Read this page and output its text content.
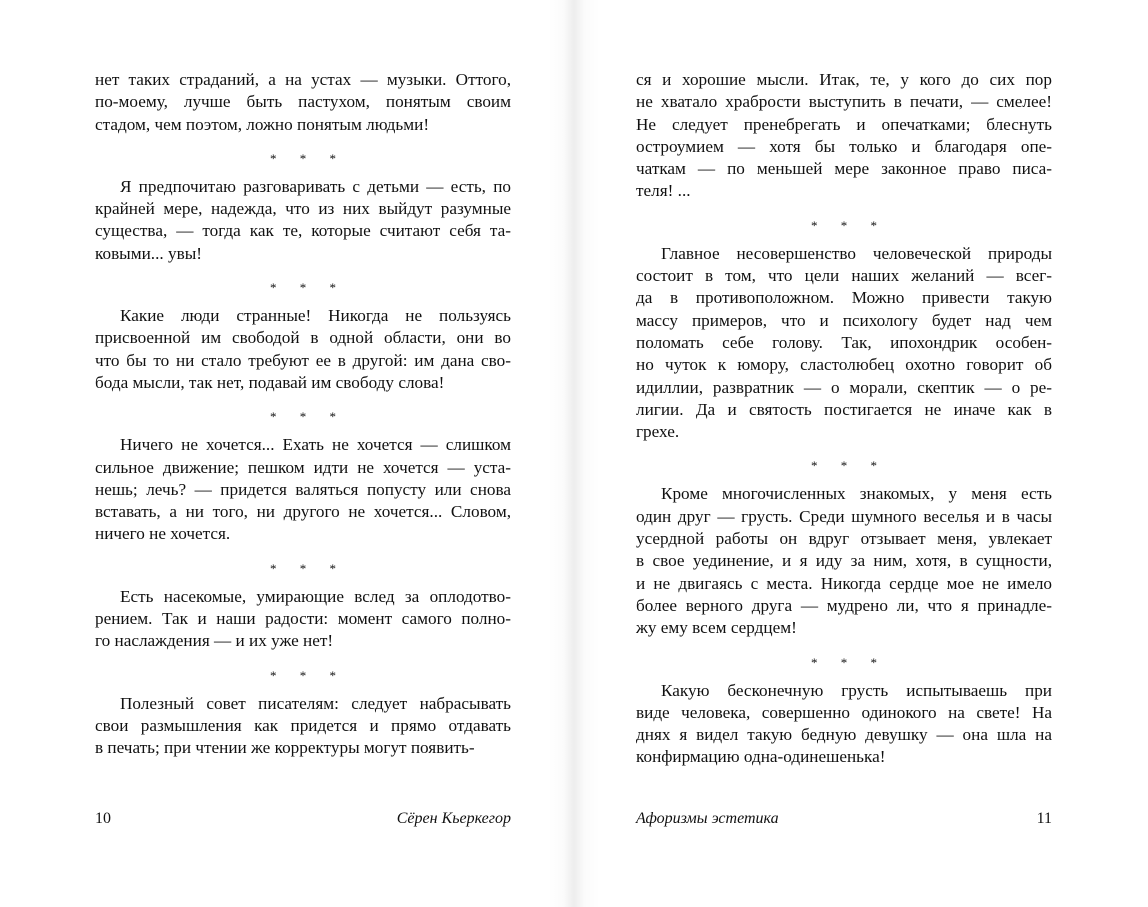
нет таких страданий, а на устах — музыки. Оттого,
по-моему, лучше быть пастухом, понятым своим
стадом, чем поэтом, ложно понятым людьми!
* * *
Я предпочитаю разговаривать с детьми — есть, по
крайней мере, надежда, что из них выйдут разумные
существа, — тогда как те, которые считают себя та-
ковыми... увы!
* * *
Какие люди странные! Никогда не пользуясь
присвоенной им свободой в одной области, они во
что бы то ни стало требуют ее в другой: им дана сво-
бода мысли, так нет, подавай им свободу слова!
* * *
Ничего не хочется... Ехать не хочется — слишком
сильное движение; пешком идти не хочется — уста-
нешь; лечь? — придется валяться попусту или снова
вставать, а ни того, ни другого не хочется... Словом,
ничего не хочется.
* * *
Есть насекомые, умирающие вслед за оплодотво-
рением. Так и наши радости: момент самого полно-
го наслаждения — и их уже нет!
* * *
Полезный совет писателям: следует набрасывать
свои размышления как придется и прямо отдавать
в печать; при чтении же корректуры могут появить-
10	Сёрен Кьеркегор
ся и хорошие мысли. Итак, те, у кого до сих пор
не хватало храбрости выступить в печати, — смелее!
Не следует пренебрегать и опечатками; блеснуть
остроумием — хотя бы только и благодаря опе-
чаткам — по меньшей мере законное право писа-
теля! ...
* * *
Главное несовершенство человеческой природы
состоит в том, что цели наших желаний — всег-
да в противоположном. Можно привести такую
массу примеров, что и психологу будет над чем
поломать себе голову. Так, ипохондрик особен-
но чуток к юмору, сластолюбец охотно говорит об
идиллии, развратник — о морали, скептик — о ре-
лигии. Да и святость постигается не иначе как в
грехе.
* * *
Кроме многочисленных знакомых, у меня есть
один друг — грусть. Среди шумного веселья и в часы
усердной работы он вдруг отзывает меня, увлекает
в свое уединение, и я иду за ним, хотя, в сущности,
и не двигаясь с места. Никогда сердце мое не имело
более верного друга — мудрено ли, что я принадле-
жу ему всем сердцем!
* * *
Какую бесконечную грусть испытываешь при
виде человека, совершенно одинокого на свете! На
днях я видел такую бедную девушку — она шла на
конфирмацию одна-одинешенька!
Афоризмы эстетика	11
